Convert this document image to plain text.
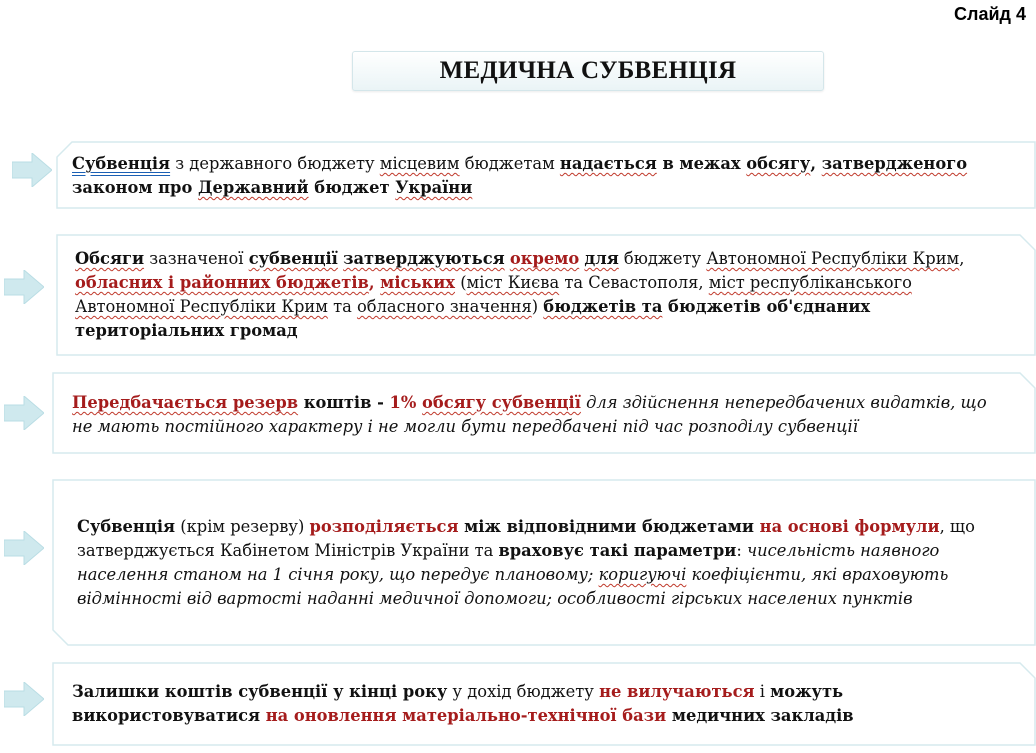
Слайд 4
МЕДИЧНА СУБВЕНЦІЯ
Субвенція з державного бюджету місцевим бюджетам надається в межах обсягу, затвердженого
законом про Державний бюджет України
Обсяги зазначеної субвенції затверджуються окремо для бюджету Автономної Республіки Крим,
обласних і районних бюджетів, міських (міст Києва та Севастополя, міст республіканського
Автономної Республіки Крим та обласного значення) бюджетів та бюджетів об'єднаних
територіальних громад
Передбачається резерв коштів - 1% обсягу субвенції для здійснення непередбачених видатків, що
не мають постійного характеру і не могли бути передбачені під час розподілу субвенції
Субвенція (крім резерву) розподіляється між відповідними бюджетами на основі формули, що
затверджується Кабінетом Міністрів України та враховує такі параметри: чисельність наявного
населення станом на 1 січня року, що передує плановому; коригуючі коефіцієнти, які враховують
відмінності від вартості наданні медичної допомоги; особливості гірських населених пунктів
Залишки коштів субвенції у кінці року у дохід бюджету не вилучаються і можуть
використовуватися на оновлення матеріально-технічної бази медичних закладів
